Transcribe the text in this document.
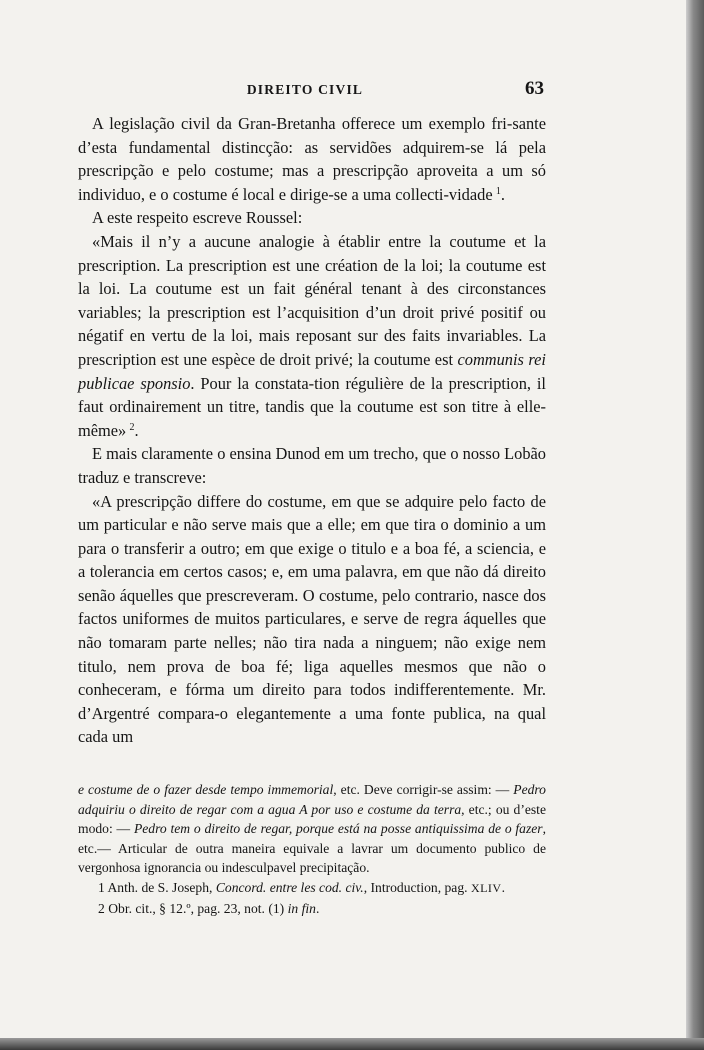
DIREITO CIVIL	63

A legislação civil da Gran-Bretanha offerece um exemplo fri-sante d’esta fundamental distincção: as servidões adquirem-se lá pela prescripção e pelo costume; mas a prescripção aproveita a um só individuo, e o costume é local e dirige-se a uma collecti-vidade  $^1$.

A este respeito escreve Roussel:

«Mais il n’y a aucune analogie à établir entre la coutume et la prescription. La prescription est une création de la loi; la coutume est la loi. La coutume est un fait général tenant à des circonstances variables; la prescription est l’acquisition d’un droit privé positif ou négatif en vertu de la loi, mais reposant sur des faits invariables. La prescription est une espèce de droit privé; la coutume est communis rei publicae sponsio. Pour la constata-tion régulière de la prescription, il faut ordinairement un titre, tandis que la coutume est son titre à elle-même»  $^2$.

E mais claramente o ensina Dunod em um trecho, que o nosso Lobão traduz e transcreve:

«A prescripção differe do costume, em que se adquire pelo facto de um particular e não serve mais que a elle; em que tira o dominio a um para o transferir a outro; em que exige o titulo e a boa fé, a sciencia, e a tolerancia em certos casos; e, em uma palavra, em que não dá direito senão áquelles que prescreveram. O costume, pelo contrario, nasce dos factos uniformes de muitos particulares, e serve de regra áquelles que não tomaram parte nelles; não tira nada a ninguem; não exige nem titulo, nem prova de boa fé; liga aquelles mesmos que não o conheceram, e fórma um direito para todos indifferentemente. Mr. d’Argentré compara-o elegantemente a uma fonte publica, na qual cada um

e costume de o fazer desde tempo immemorial, etc. Deve corrigir-se assim: — Pedro adquiriu o direito de regar com a agua A por uso e costume da terra, etc.; ou d’este modo: — Pedro tem o direito de regar, porque está na posse antiquissima de o fazer, etc.— Articular de outra maneira equivale a lavrar um documento publico de vergonhosa ignorancia ou indesculpavel precipitação.

1 Anth. de S. Joseph, Concord. entre les cod. civ., Introduction, pag. XLIV.

2 Obr. cit., § 12.º, pag. 23, not. (1) in fin.
